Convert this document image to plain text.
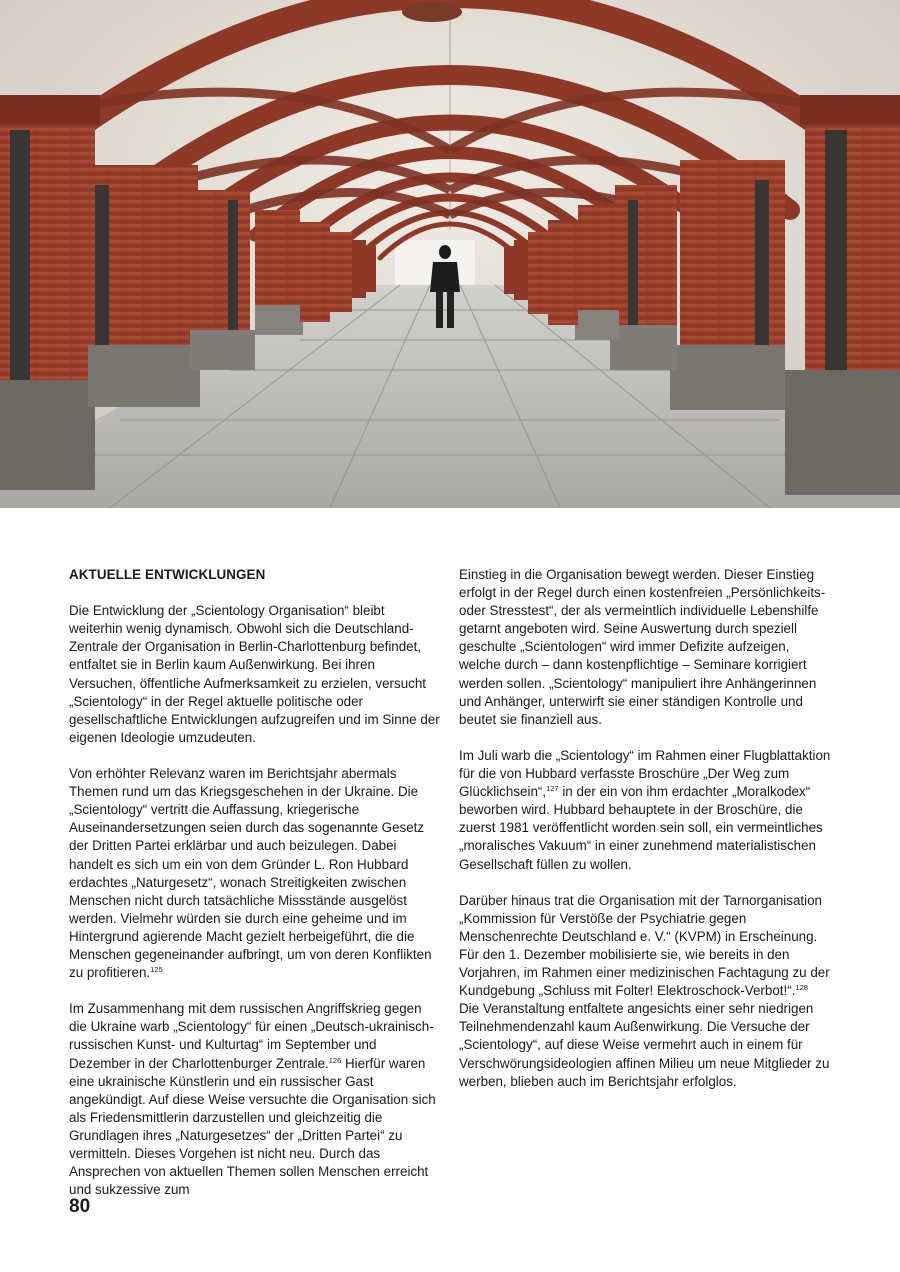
AKTUELLE ENTWICKLUNGEN

Die Entwicklung der „Scientology Organisation“ bleibt weiterhin wenig dynamisch. Obwohl sich die Deutschland-Zentrale der Organisation in Berlin-Charlottenburg befindet, entfaltet sie in Berlin kaum Außenwirkung. Bei ihren Versuchen, öffentliche Aufmerksamkeit zu erzielen, versucht „Scientology“ in der Regel aktuelle politische oder gesellschaftliche Entwicklungen aufzugreifen und im Sinne der eigenen Ideologie umzudeuten.

Von erhöhter Relevanz waren im Berichtsjahr abermals Themen rund um das Kriegsgeschehen in der Ukraine. Die „Scientology“ vertritt die Auffassung, kriegerische Auseinandersetzungen seien durch das sogenannte Gesetz der Dritten Partei erklärbar und auch beizulegen. Dabei handelt es sich um ein von dem Gründer L. Ron Hubbard erdachtes „Naturgesetz“, wonach Streitigkeiten zwischen Menschen nicht durch tatsächliche Missstände ausgelöst werden. Vielmehr würden sie durch eine geheime und im Hintergrund agierende Macht gezielt herbeigeführt, die die Menschen gegeneinander aufbringt, um von deren Konflikten zu profitieren.$^{125}$

Im Zusammenhang mit dem russischen Angriffskrieg gegen die Ukraine warb „Scientology“ für einen „Deutsch-ukrainisch-russischen Kunst- und Kulturtag“ im September und Dezember in der Charlottenburger Zentrale.$^{126}$ Hierfür waren eine ukrainische Künstlerin und ein russischer Gast angekündigt. Auf diese Weise versuchte die Organisation sich als Friedensmittlerin darzustellen und gleichzeitig die Grundlagen ihres „Naturgesetzes“ der „Dritten Partei“ zu vermitteln. Dieses Vorgehen ist nicht neu. Durch das Ansprechen von aktuellen Themen sollen Menschen erreicht und sukzessive zum

Einstieg in die Organisation bewegt werden. Dieser Einstieg erfolgt in der Regel durch einen kostenfreien „Persönlichkeits- oder Stresstest“, der als vermeintlich individuelle Lebenshilfe getarnt angeboten wird. Seine Auswertung durch speziell geschulte „Scientologen“ wird immer Defizite aufzeigen, welche durch – dann kostenpflichtige – Seminare korrigiert werden sollen. „Scientology“ manipuliert ihre Anhängerinnen und Anhänger, unterwirft sie einer ständigen Kontrolle und beutet sie finanziell aus.

Im Juli warb die „Scientology“ im Rahmen einer Flugblattaktion für die von Hubbard verfasste Broschüre „Der Weg zum Glücklichsein“,$^{127}$ in der ein von ihm erdachter „Moralkodex“ beworben wird. Hubbard behauptete in der Broschüre, die zuerst 1981 veröffentlicht worden sein soll, ein vermeintliches „moralisches Vakuum“ in einer zunehmend materialistischen Gesellschaft füllen zu wollen.

Darüber hinaus trat die Organisation mit der Tarnorganisation „Kommission für Verstöße der Psychiatrie gegen Menschenrechte Deutschland e. V.“ (KVPM) in Erscheinung. Für den 1. Dezember mobilisierte sie, wie bereits in den Vorjahren, im Rahmen einer medizinischen Fachtagung zu der Kundgebung „Schluss mit Folter! Elektroschock-Verbot!“.$^{128}$ Die Veranstaltung entfaltete angesichts einer sehr niedrigen Teilnehmendenzahl kaum Außenwirkung. Die Versuche der „Scientology“, auf diese Weise vermehrt auch in einem für Verschwörungsideologien affinen Milieu um neue Mitglieder zu werben, blieben auch im Berichtsjahr erfolglos.

80
